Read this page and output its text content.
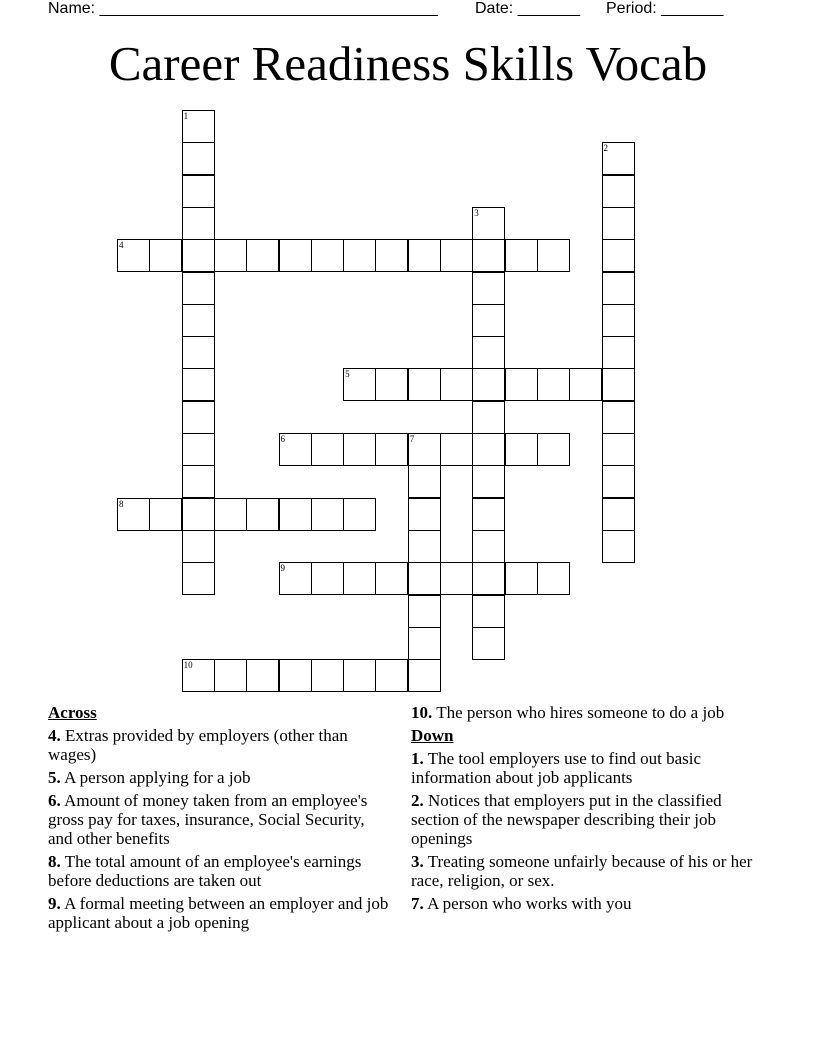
Name: ______________________________________

Date: _______

Period: _______

Career Readiness Skills Vocab
1
2
3
4
5
6	7
8
9
10
Across
4. Extras provided by employers (other than wages)
5. A person applying for a job
6. Amount of money taken from an employee's gross pay for taxes, insurance, Social Security, and other benefits
8. The total amount of an employee's earnings before deductions are taken out
9. A formal meeting between an employer and job applicant about a job opening
10. The person who hires someone to do a job
Down
1. The tool employers use to find out basic information about job applicants
2. Notices that employers put in the classified section of the newspaper describing their job openings
3. Treating someone unfairly because of his or her race, religion, or sex.
7. A person who works with you
